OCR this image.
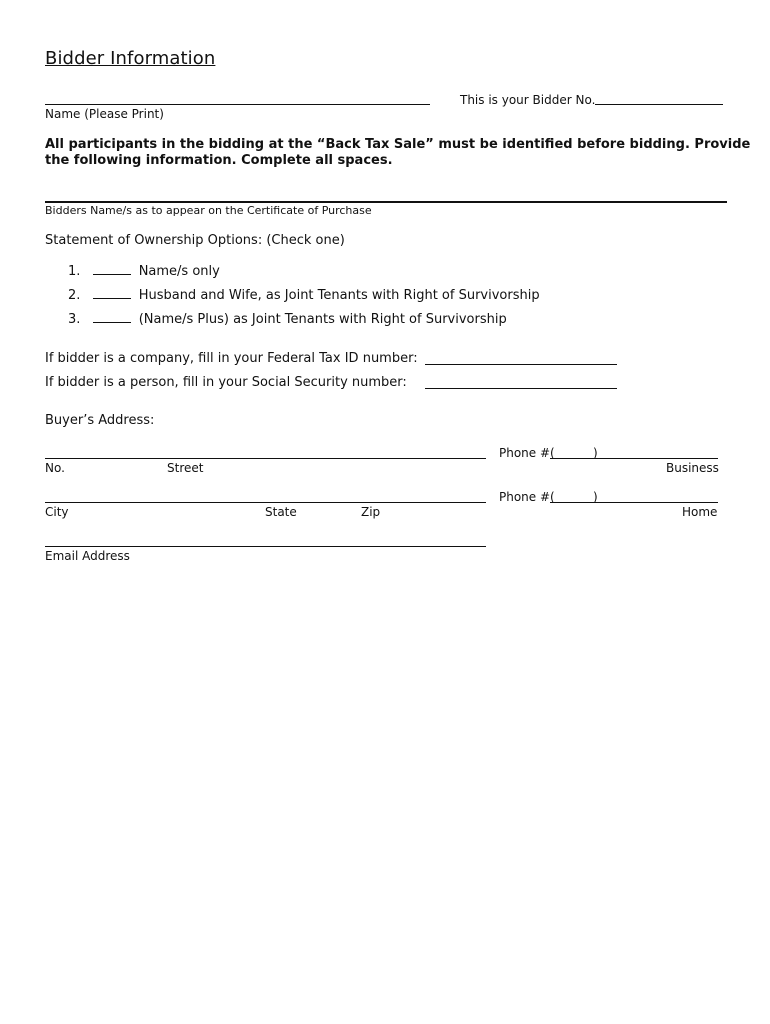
Bidder Information
Name (Please Print)
This is your Bidder No.
All participants in the bidding at the “Back Tax Sale” must be identified before bidding. Provide
the following information. Complete all spaces.
Bidders Name/s as to appear on the Certificate of Purchase
Statement of Ownership Options: (Check one)
1.	Name/s only
2.	Husband and Wife, as Joint Tenants with Right of Survivorship
3.	(Name/s Plus) as Joint Tenants with Right of Survivorship
If bidder is a company, fill in your Federal Tax ID number:
If bidder is a person, fill in your Social Security number:
Buyer’s Address:
No.	Street
Phone # (	)
Business
City	State	Zip
Phone # (	)
Home
Email Address
